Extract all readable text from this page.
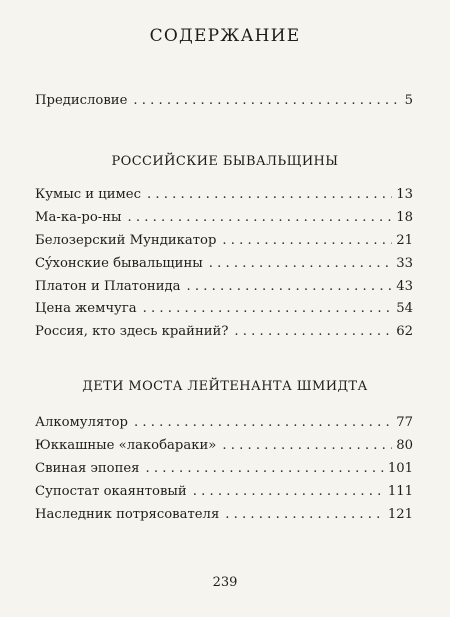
СОДЕРЖАНИЕ
Предисловие . . .	5
РОССИЙСКИЕ БЫВАЛЬЩИНЫ
Кумыс и цимес . . .	13
Ма-ка-ро-ны . . .	18
Белозерский Мундикатор . . .	21
Сýхонские бывальщины . . .	33
Платон и Платонида . . .	43
Цена жемчуга . . .	54
Россия, кто здесь крайний? . . .	62
ДЕТИ МОСТА ЛЕЙТЕНАНТА ШМИДТА
Алкомулятор . . .	77
Юккашные «лакобараки» . . .	80
Свиная эпопея . . .	101
Супостат окаянтовый . . .	111
Наследник потрясователя . . .	121
239
